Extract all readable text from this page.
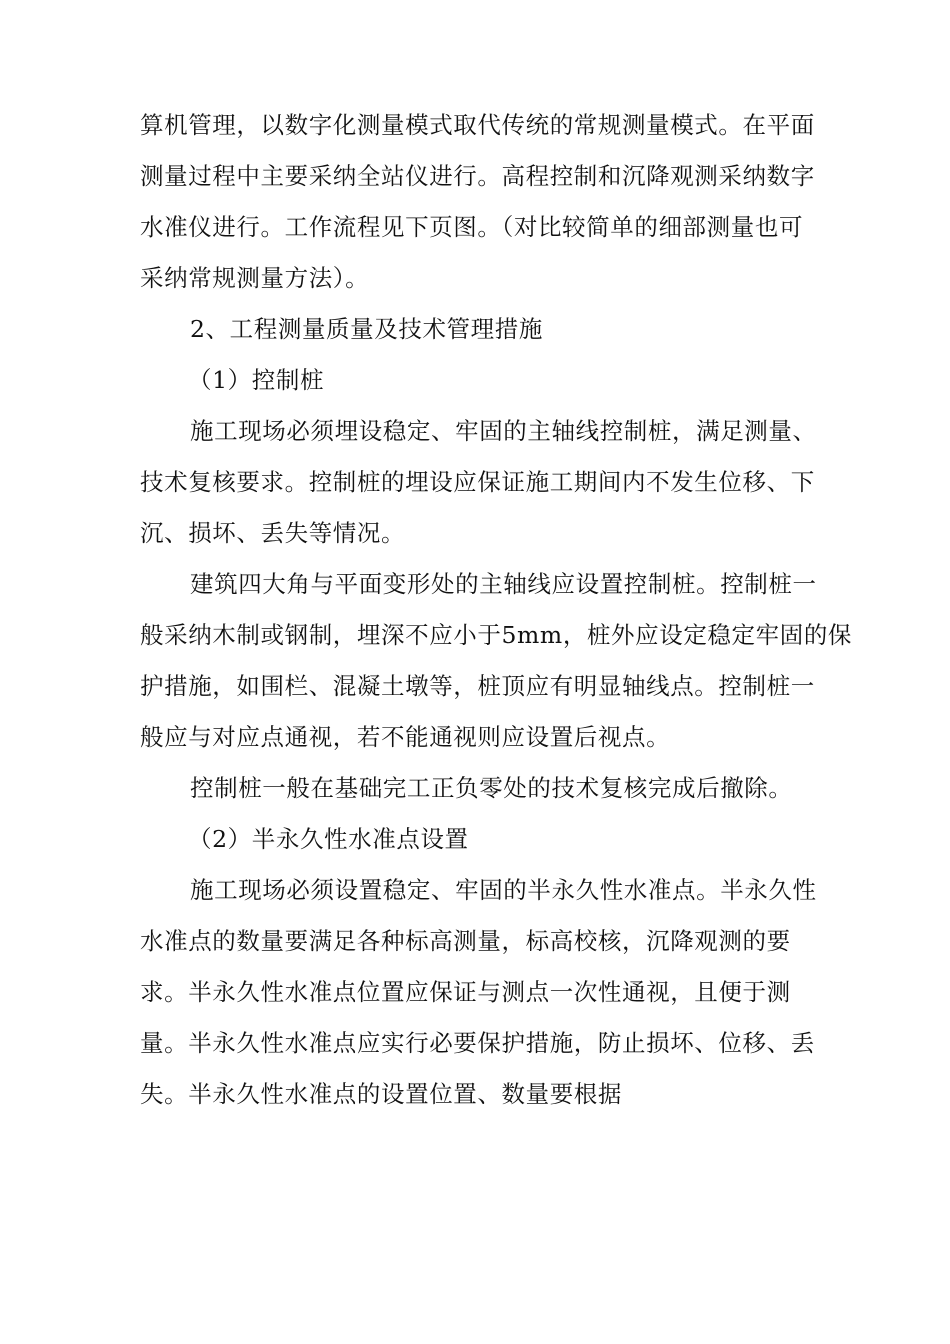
算机管理，以数字化测量模式取代传统的常规测量模式。在平面
测量过程中主要采纳全站仪进行。高程控制和沉降观测采纳数字
水准仪进行。工作流程见下页图。（对比较简单的细部测量也可
采纳常规测量方法）。
2、工程测量质量及技术管理措施
（1）控制桩
施工现场必须埋设稳定、牢固的主轴线控制桩，满足测量、
技术复核要求。控制桩的埋设应保证施工期间内不发生位移、下
沉、损坏、丢失等情况。
建筑四大角与平面变形处的主轴线应设置控制桩。控制桩一
般采纳木制或钢制，埋深不应小于5mm，桩外应设定稳定牢固的保
护措施，如围栏、混凝土墩等，桩顶应有明显轴线点。控制桩一
般应与对应点通视，若不能通视则应设置后视点。
控制桩一般在基础完工正负零处的技术复核完成后撤除。
（2）半永久性水准点设置
施工现场必须设置稳定、牢固的半永久性水准点。半永久性
水准点的数量要满足各种标高测量，标高校核，沉降观测的要
求。半永久性水准点位置应保证与测点一次性通视，且便于测
量。半永久性水准点应实行必要保护措施，防止损坏、位移、丢
失。半永久性水准点的设置位置、数量要根据
